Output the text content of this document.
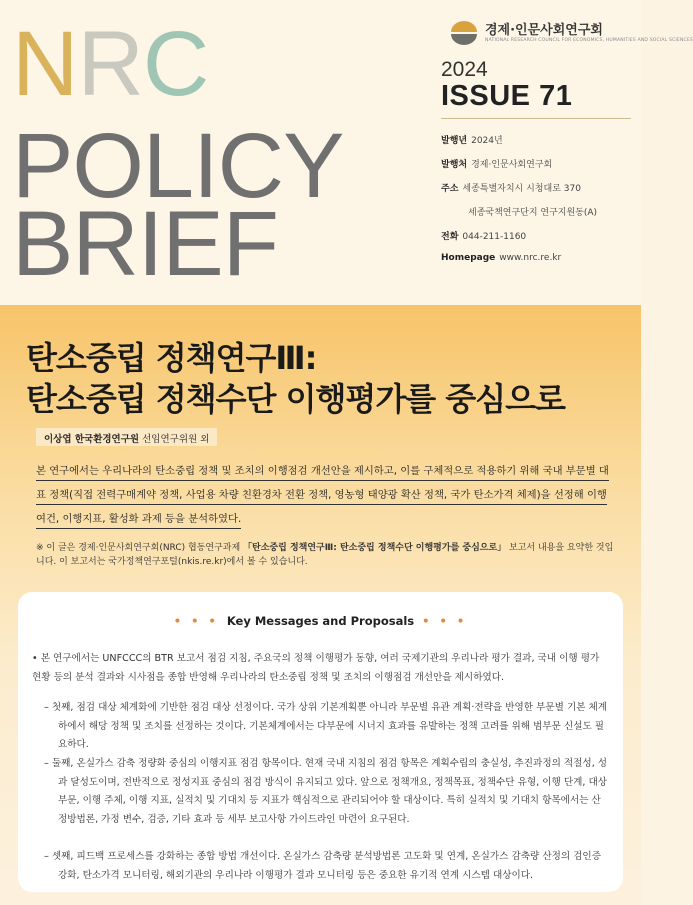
NRC
POLICY
BRIEF
경제·인문사회연구회
NATIONAL RESEARCH COUNCIL FOR ECONOMICS, HUMANITIES AND SOCIAL SCIENCES
2024
ISSUE 71
발행년 2024년
발행처 경제·인문사회연구회
주소 세종특별자치시 시청대로 370
세종국책연구단지 연구지원동(A)
전화 044-211-1160
Homepage www.nrc.re.kr
탄소중립 정책연구Ⅲ:
탄소중립 정책수단 이행평가를 중심으로
이상엽 한국환경연구원 선임연구위원 외
본 연구에서는 우리나라의 탄소중립 정책 및 조치의 이행점검 개선안을 제시하고, 이를 구체적으로 적용하기 위해 국내 부문별 대표 정책(직접 전력구매계약 정책, 사업용 차량 친환경차 전환 정책, 영농형 태양광 확산 정책, 국가 탄소가격 체제)을 선정해 이행 여건, 이행지표, 활성화 과제 등을 분석하였다.
※ 이 글은 경제·인문사회연구회(NRC) 협동연구과제 「탄소중립 정책연구Ⅲ: 탄소중립 정책수단 이행평가를 중심으로」 보고서 내용을 요약한 것입니다. 이 보고서는 국가정책연구포털(nkis.re.kr)에서 볼 수 있습니다.
• • • Key Messages and Proposals • • •
• 본 연구에서는 UNFCCC의 BTR 보고서 점검 지침, 주요국의 정책 이행평가 동향, 여러 국제기관의 우리나라 평가 결과, 국내 이행 평가 현황 등의 분석 결과와 시사점을 종합 반영해 우리나라의 탄소중립 정책 및 조치의 이행점검 개선안을 제시하였다.
– 첫째, 점검 대상 체계화에 기반한 점검 대상 선정이다. 국가 상위 기본계획뿐 아니라 부문별 유관 계획·전략을 반영한 부문별 기본 체계 하에서 해당 정책 및 조치를 선정하는 것이다. 기본체계에서는 다부문에 시너지 효과를 유발하는 정책 고려를 위해 범부문 신설도 필요하다.
– 둘째, 온실가스 감축 정량화 중심의 이행지표 점검 항목이다. 현재 국내 지침의 점검 항목은 계획수립의 충실성, 추진과정의 적절성, 성과 달성도이며, 전반적으로 정성지표 중심의 점검 방식이 유지되고 있다. 앞으로 정책개요, 정책목표, 정책수단 유형, 이행 단계, 대상 부문, 이행 주체, 이행 지표, 실적치 및 기대치 등 지표가 핵심적으로 관리되어야 할 대상이다. 특히 실적치 및 기대치 항목에서는 산정방법론, 가정 변수, 검증, 기타 효과 등 세부 보고사항 가이드라인 마련이 요구된다.
– 셋째, 피드백 프로세스를 강화하는 종합 방법 개선이다. 온실가스 감축량 분석방법론 고도화 및 연계, 온실가스 감축량 산정의 검인증 강화, 탄소가격 모니터링, 해외기관의 우리나라 이행평가 결과 모니터링 등은 중요한 유기적 연계 시스템 대상이다.
